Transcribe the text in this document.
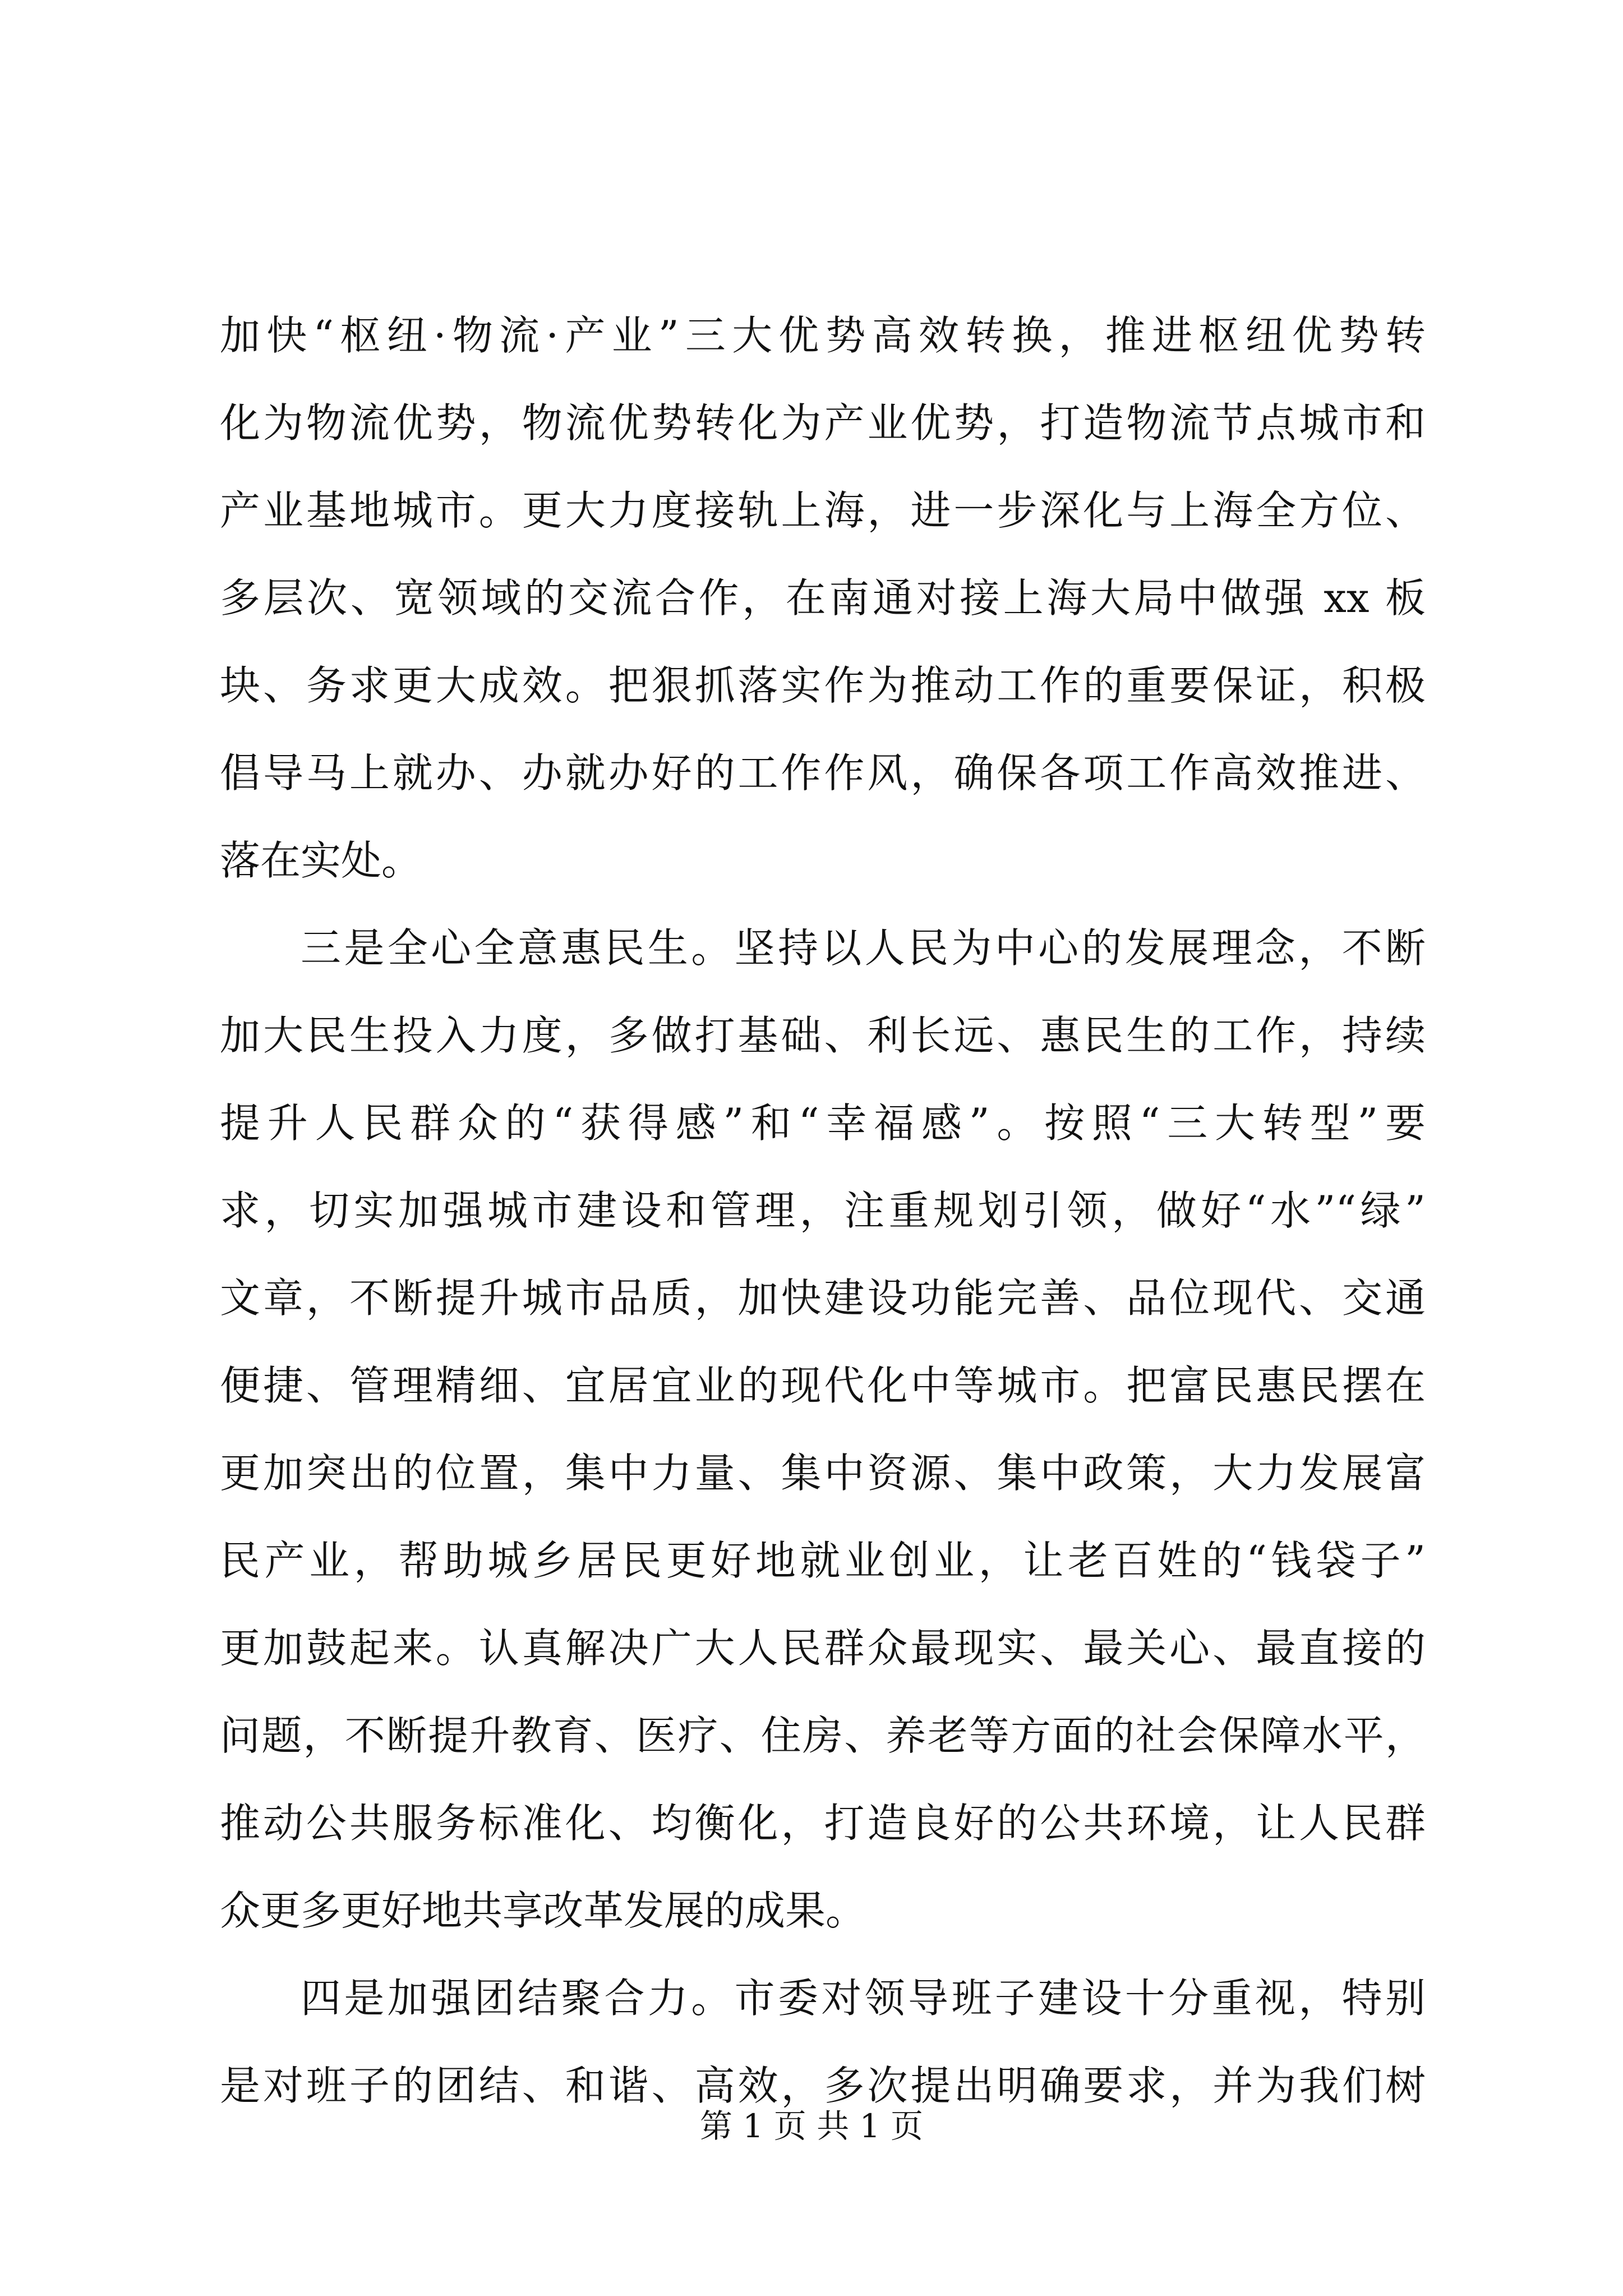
加快“枢纽·物流·产业”三大优势高效转换，推进枢纽优势转
化为物流优势，物流优势转化为产业优势，打造物流节点城市和
产业基地城市。更大力度接轨上海，进一步深化与上海全方位、
多层次、宽领域的交流合作，在南通对接上海大局中做强 xx 板
块、务求更大成效。把狠抓落实作为推动工作的重要保证，积极
倡导马上就办、办就办好的工作作风，确保各项工作高效推进、
落在实处。
三是全心全意惠民生。坚持以人民为中心的发展理念，不断
加大民生投入力度，多做打基础、利长远、惠民生的工作，持续
提升人民群众的“获得感”和“幸福感”。按照“三大转型”要
求，切实加强城市建设和管理，注重规划引领，做好“水”“绿”
文章，不断提升城市品质，加快建设功能完善、品位现代、交通
便捷、管理精细、宜居宜业的现代化中等城市。把富民惠民摆在
更加突出的位置，集中力量、集中资源、集中政策，大力发展富
民产业，帮助城乡居民更好地就业创业，让老百姓的“钱袋子”
更加鼓起来。认真解决广大人民群众最现实、最关心、最直接的
问题，不断提升教育、医疗、住房、养老等方面的社会保障水平，
推动公共服务标准化、均衡化，打造良好的公共环境，让人民群
众更多更好地共享改革发展的成果。
四是加强团结聚合力。市委对领导班子建设十分重视，特别
是对班子的团结、和谐、高效，多次提出明确要求，并为我们树
第 1 页 共 1 页
